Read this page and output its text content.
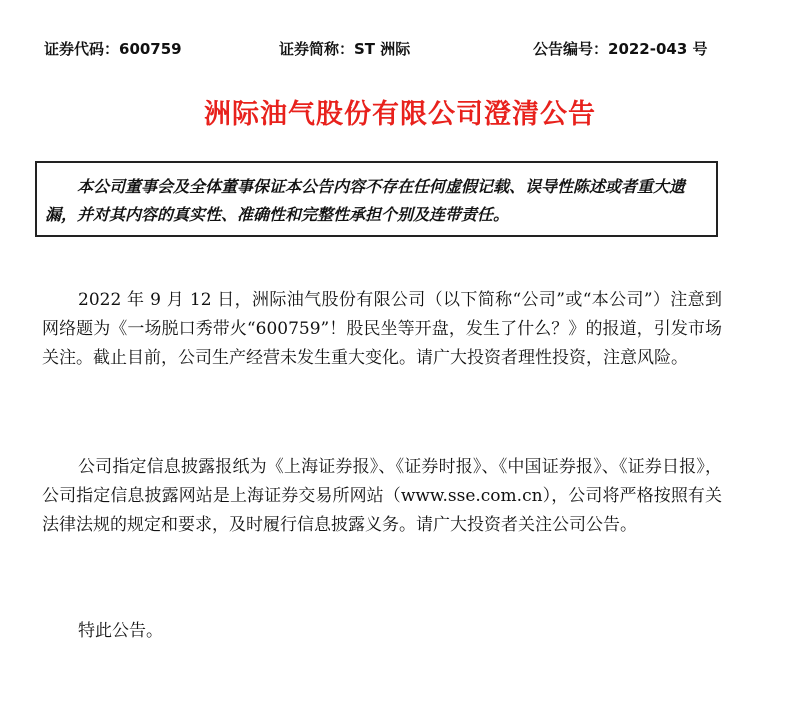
证券代码：600759	证券简称：ST 洲际	公告编号：2022-043 号
洲际油气股份有限公司澄清公告
本公司董事会及全体董事保证本公告内容不存在任何虚假记载、误导性陈述或者重大遗漏，并对其内容的真实性、准确性和完整性承担个别及连带责任。
2022 年 9 月 12 日，洲际油气股份有限公司（以下简称“公司”或“本公司”）注意到网络题为《一场脱口秀带火“600759”！股民坐等开盘，发生了什么？》的报道，引发市场关注。截止目前，公司生产经营未发生重大变化。请广大投资者理性投资，注意风险。
公司指定信息披露报纸为《上海证券报》、《证券时报》、《中国证券报》、《证券日报》，公司指定信息披露网站是上海证券交易所网站（www.sse.com.cn），公司将严格按照有关法律法规的规定和要求，及时履行信息披露义务。请广大投资者关注公司公告。
特此公告。
